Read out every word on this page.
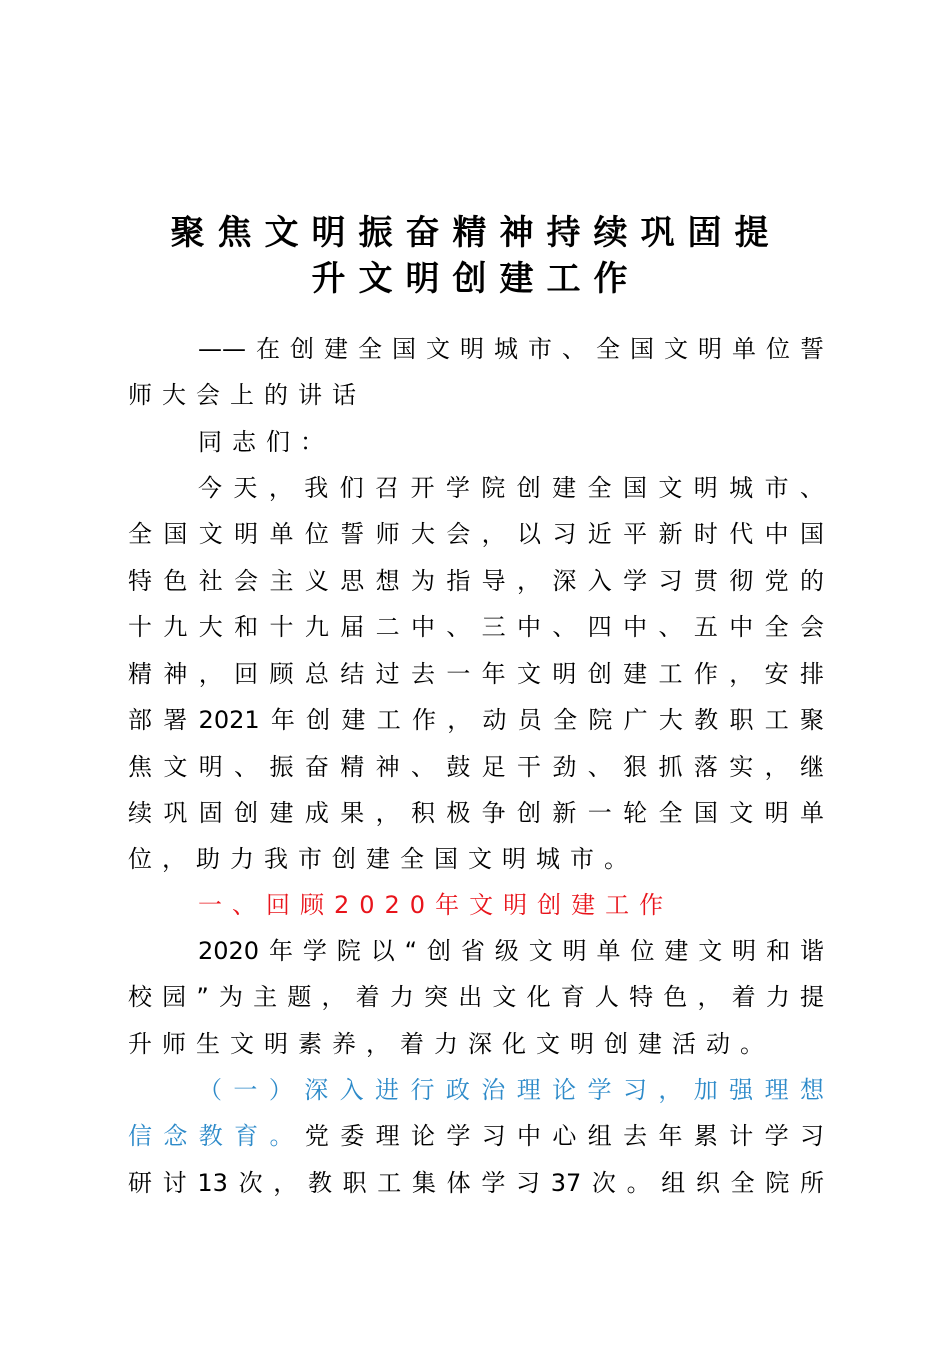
聚焦文明振奋精神持续巩固提
升文明创建工作

——在创建全国文明城市、全国文明单位誓

师大会上的讲话

同志们：

今天，我们召开学院创建全国文明城市、

全国文明单位誓师大会，以习近平新时代中国

特色社会主义思想为指导，深入学习贯彻党的

十九大和十九届二中、三中、四中、五中全会

精神，回顾总结过去一年文明创建工作，安排

部署2021年创建工作，动员全院广大教职工聚

焦文明、振奋精神、鼓足干劲、狠抓落实，继

续巩固创建成果，积极争创新一轮全国文明单

位，助力我市创建全国文明城市。

一、回顾2020年文明创建工作

2020年学院以“创省级文明单位建文明和谐

校园”为主题，着力突出文化育人特色，着力提

升师生文明素养，着力深化文明创建活动。

（一）深入进行政治理论学习，加强理想

信念教育。党委理论学习中心组去年累计学习

研讨13次，教职工集体学习37次。组织全院所
